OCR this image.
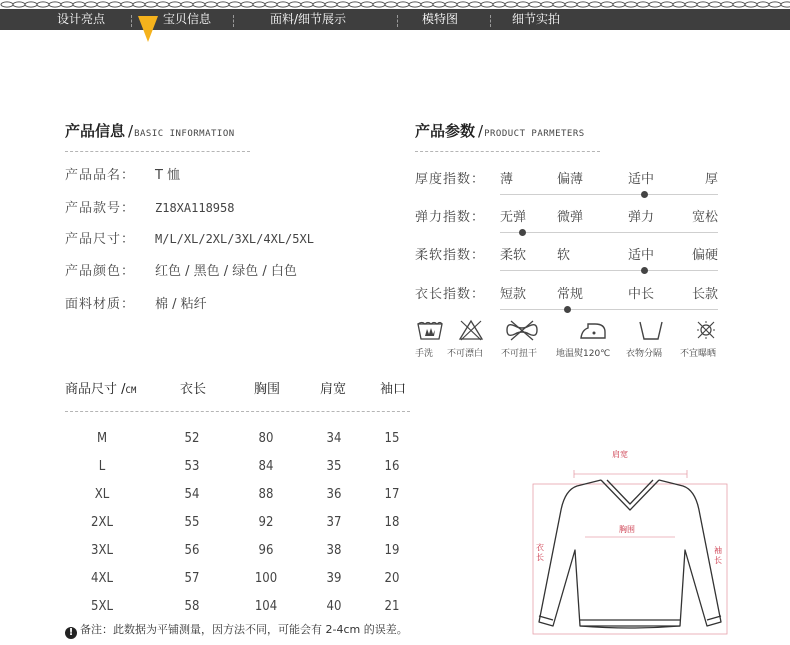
设计亮点	宝贝信息	面料/细节展示	模特图	细节实拍
产品信息 /BASIC INFORMATION
产品品名： T 恤
产品款号： Z18XA118958
产品尺寸： M/L/XL/2XL/3XL/4XL/5XL
产品颜色： 红色 / 黑色 / 绿色 / 白色
面料材质： 棉 / 粘纤
产品参数 /PRODUCT PARMETERS
厚度指数： 薄	偏薄	适中	厚
弹力指数： 无弹 微弹	弹力	宽松
柔软指数： 柔软 软	适中	偏硬
衣长指数： 短款 常规	中长	长款
手洗 不可漂白 不可扭干 地温熨120℃ 衣物分隔 不宜曝晒
商品尺寸 /CM	衣长	胸围	肩宽	袖口
M	52	80	34	15
L	53	84	35	16
XL	54	88	36	17
2XL	55	92	37	18
3XL	56	96	38	19
4XL	57	100	39	20
5XL	58	104	40	21
! 备注：此数据为平铺测量，因方法不同，可能会有 2-4cm 的误差。
肩宽
胸围
衣长
袖长
